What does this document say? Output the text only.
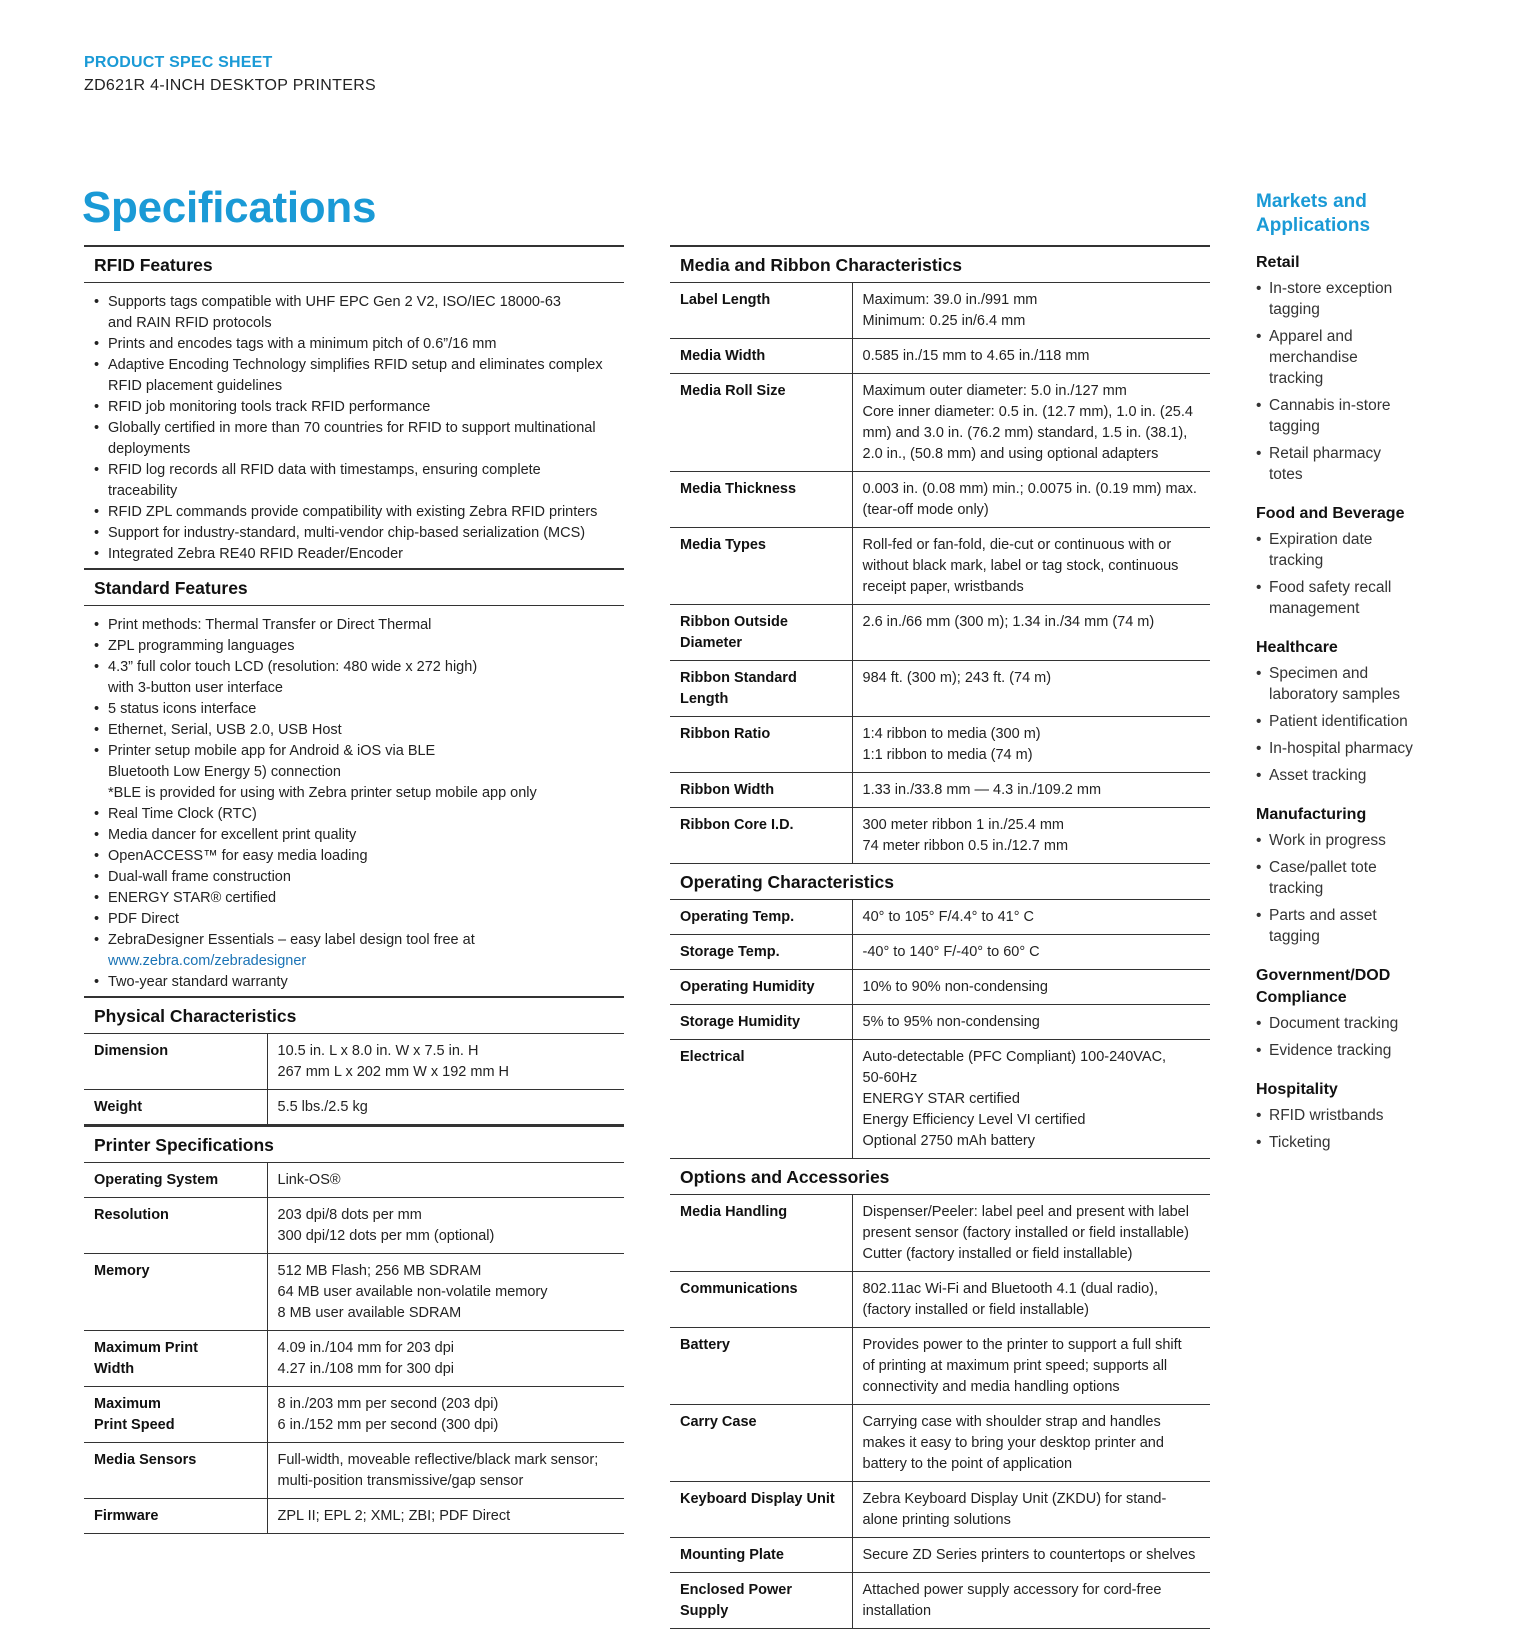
PRODUCT SPEC SHEET
ZD621R 4-INCH DESKTOP PRINTERS
Specifications
RFID Features
• Supports tags compatible with UHF EPC Gen 2 V2, ISO/IEC 18000-63
and RAIN RFID protocols
• Prints and encodes tags with a minimum pitch of 0.6”/16 mm
• Adaptive Encoding Technology simplifies RFID setup and eliminates complex
RFID placement guidelines
• RFID job monitoring tools track RFID performance
• Globally certified in more than 70 countries for RFID to support multinational
deployments
• RFID log records all RFID data with timestamps, ensuring complete
traceability
• RFID ZPL commands provide compatibility with existing Zebra RFID printers
• Support for industry-standard, multi-vendor chip-based serialization (MCS)
• Integrated Zebra RE40 RFID Reader/Encoder
Standard Features
• Print methods: Thermal Transfer or Direct Thermal
• ZPL programming languages
• 4.3” full color touch LCD (resolution: 480 wide x 272 high)
with 3-button user interface
• 5 status icons interface
• Ethernet, Serial, USB 2.0, USB Host
• Printer setup mobile app for Android & iOS via BLE
Bluetooth Low Energy 5) connection
*BLE is provided for using with Zebra printer setup mobile app only
• Real Time Clock (RTC)
• Media dancer for excellent print quality
• OpenACCESS™ for easy media loading
• Dual-wall frame construction
• ENERGY STAR® certified
• PDF Direct
• ZebraDesigner Essentials – easy label design tool free at
www.zebra.com/zebradesigner
• Two-year standard warranty
Physical Characteristics
Dimension	10.5 in. L x 8.0 in. W x 7.5 in. H
267 mm L x 202 mm W x 192 mm H

Weight	5.5 lbs./2.5 kg
Printer Specifications
Operating System	Link-OS®

Resolution	203 dpi/8 dots per mm
300 dpi/12 dots per mm (optional)

Memory	512 MB Flash; 256 MB SDRAM
64 MB user available non-volatile memory
8 MB user available SDRAM

Maximum Print
Width	4.09 in./104 mm for 203 dpi
4.27 in./108 mm for 300 dpi

Maximum
Print Speed	8 in./203 mm per second (203 dpi)
6 in./152 mm per second (300 dpi)

Media Sensors	Full-width, moveable reflective/black mark sensor;
multi-position transmissive/gap sensor

Firmware	ZPL II; EPL 2; XML; ZBI; PDF Direct
Media and Ribbon Characteristics
Label Length	Maximum: 39.0 in./991 mm
Minimum: 0.25 in/6.4 mm

Media Width	0.585 in./15 mm to 4.65 in./118 mm

Media Roll Size	Maximum outer diameter: 5.0 in./127 mm
Core inner diameter: 0.5 in. (12.7 mm), 1.0 in. (25.4
mm) and 3.0 in. (76.2 mm) standard, 1.5 in. (38.1),
2.0 in., (50.8 mm) and using optional adapters

Media Thickness	0.003 in. (0.08 mm) min.; 0.0075 in. (0.19 mm) max.
(tear-off mode only)

Media Types	Roll-fed or fan-fold, die-cut or continuous with or
without black mark, label or tag stock, continuous
receipt paper, wristbands

Ribbon Outside
Diameter	2.6 in./66 mm (300 m); 1.34 in./34 mm (74 m)

Ribbon Standard
Length	984 ft. (300 m); 243 ft. (74 m)

Ribbon Ratio	1:4 ribbon to media (300 m)
1:1 ribbon to media (74 m)

Ribbon Width	1.33 in./33.8 mm — 4.3 in./109.2 mm

Ribbon Core I.D.	300 meter ribbon 1 in./25.4 mm
74 meter ribbon 0.5 in./12.7 mm
Operating Characteristics
Operating Temp.	40° to 105° F/4.4° to 41° C

Storage Temp.	-40° to 140° F/-40° to 60° C

Operating Humidity	10% to 90% non-condensing

Storage Humidity	5% to 95% non-condensing

Electrical	Auto-detectable (PFC Compliant) 100-240VAC,
50-60Hz
ENERGY STAR certified
Energy Efficiency Level VI certified
Optional 2750 mAh battery
Options and Accessories
Media Handling	Dispenser/Peeler: label peel and present with label
present sensor (factory installed or field installable)
Cutter (factory installed or field installable)

Communications	802.11ac Wi-Fi and Bluetooth 4.1 (dual radio),
(factory installed or field installable)

Battery	Provides power to the printer to support a full shift
of printing at maximum print speed; supports all
connectivity and media handling options

Carry Case	Carrying case with shoulder strap and handles
makes it easy to bring your desktop printer and
battery to the point of application

Keyboard Display Unit	Zebra Keyboard Display Unit (ZKDU) for stand-
alone printing solutions

Mounting Plate	Secure ZD Series printers to countertops or shelves

Enclosed Power Supply	Attached power supply accessory for cord-free
installation
Markets and
Applications
Retail
• In-store exception
tagging
• Apparel and
merchandise
tracking
• Cannabis in-store
tagging
• Retail pharmacy
totes
Food and Beverage
• Expiration date
tracking
• Food safety recall
management
Healthcare
• Specimen and
laboratory samples
• Patient identification
• In-hospital pharmacy
• Asset tracking
Manufacturing
• Work in progress
• Case/pallet tote
tracking
• Parts and asset
tagging
Government/DOD
Compliance
• Document tracking
• Evidence tracking
Hospitality
• RFID wristbands
• Ticketing
